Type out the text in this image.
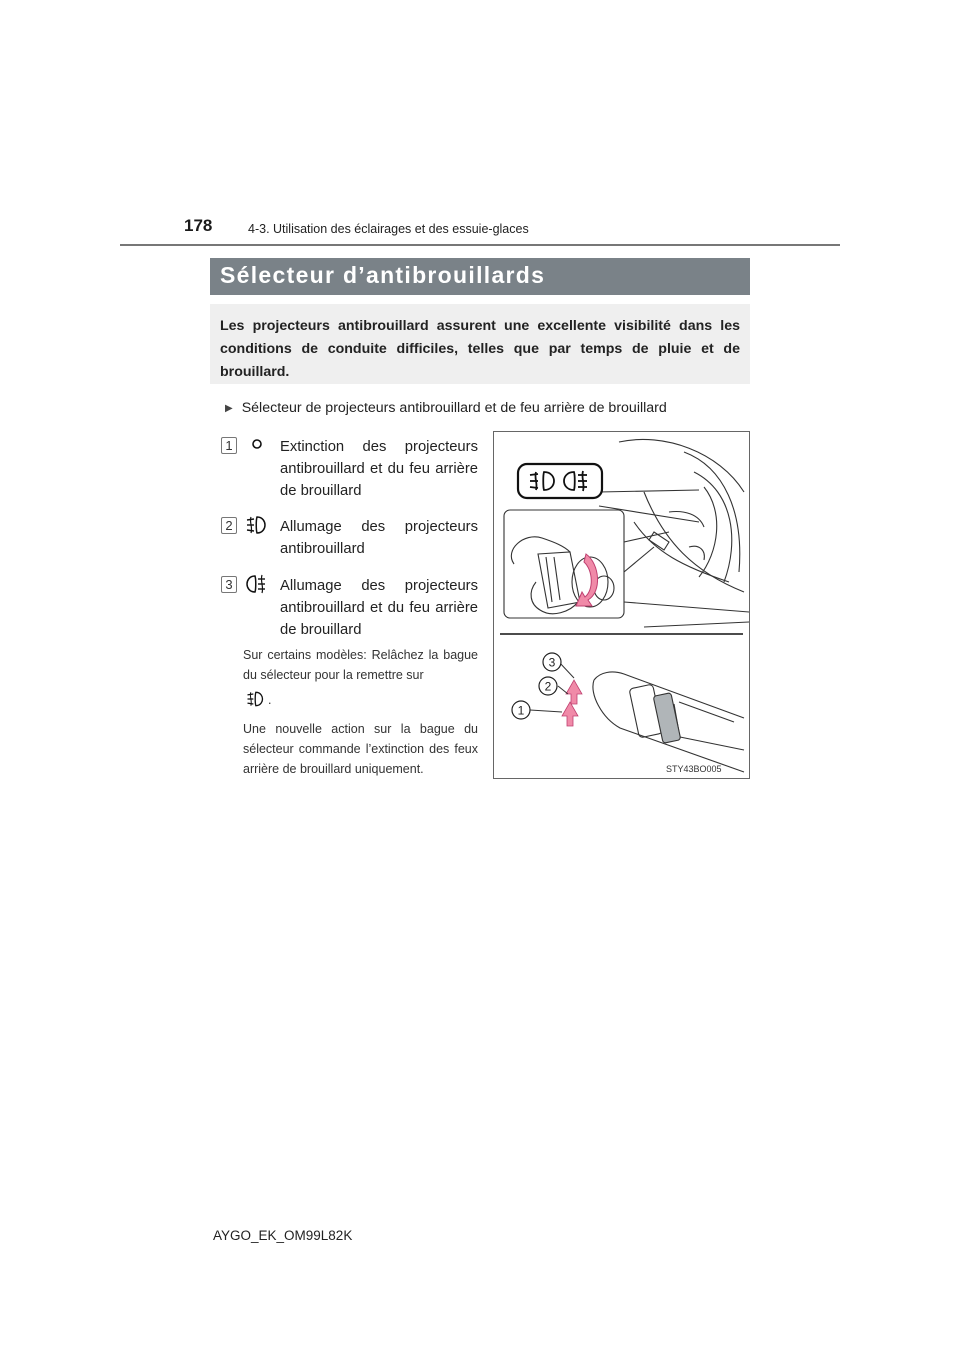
178	4-3. Utilisation des éclairages et des essuie-glaces
Sélecteur d’antibrouillards
Les projecteurs antibrouillard assurent une excellente visibilité dans les conditions de conduite difficiles, telles que par temps de pluie et de brouillard.
▶ Sélecteur de projecteurs antibrouillard et de feu arrière de brouillard
1	Extinction des projecteurs antibrouillard et du feu arrière de brouillard
2	Allumage des projecteurs antibrouillard
3	Allumage des projecteurs antibrouillard et du feu arrière de brouillard
Sur certains modèles: Relâchez la bague du sélecteur pour la remettre sur
.
Une nouvelle action sur la bague du sélecteur commande l’extinction des feux arrière de brouillard uniquement.
3
2
1
STY43BO005
AYGO_EK_OM99L82K
